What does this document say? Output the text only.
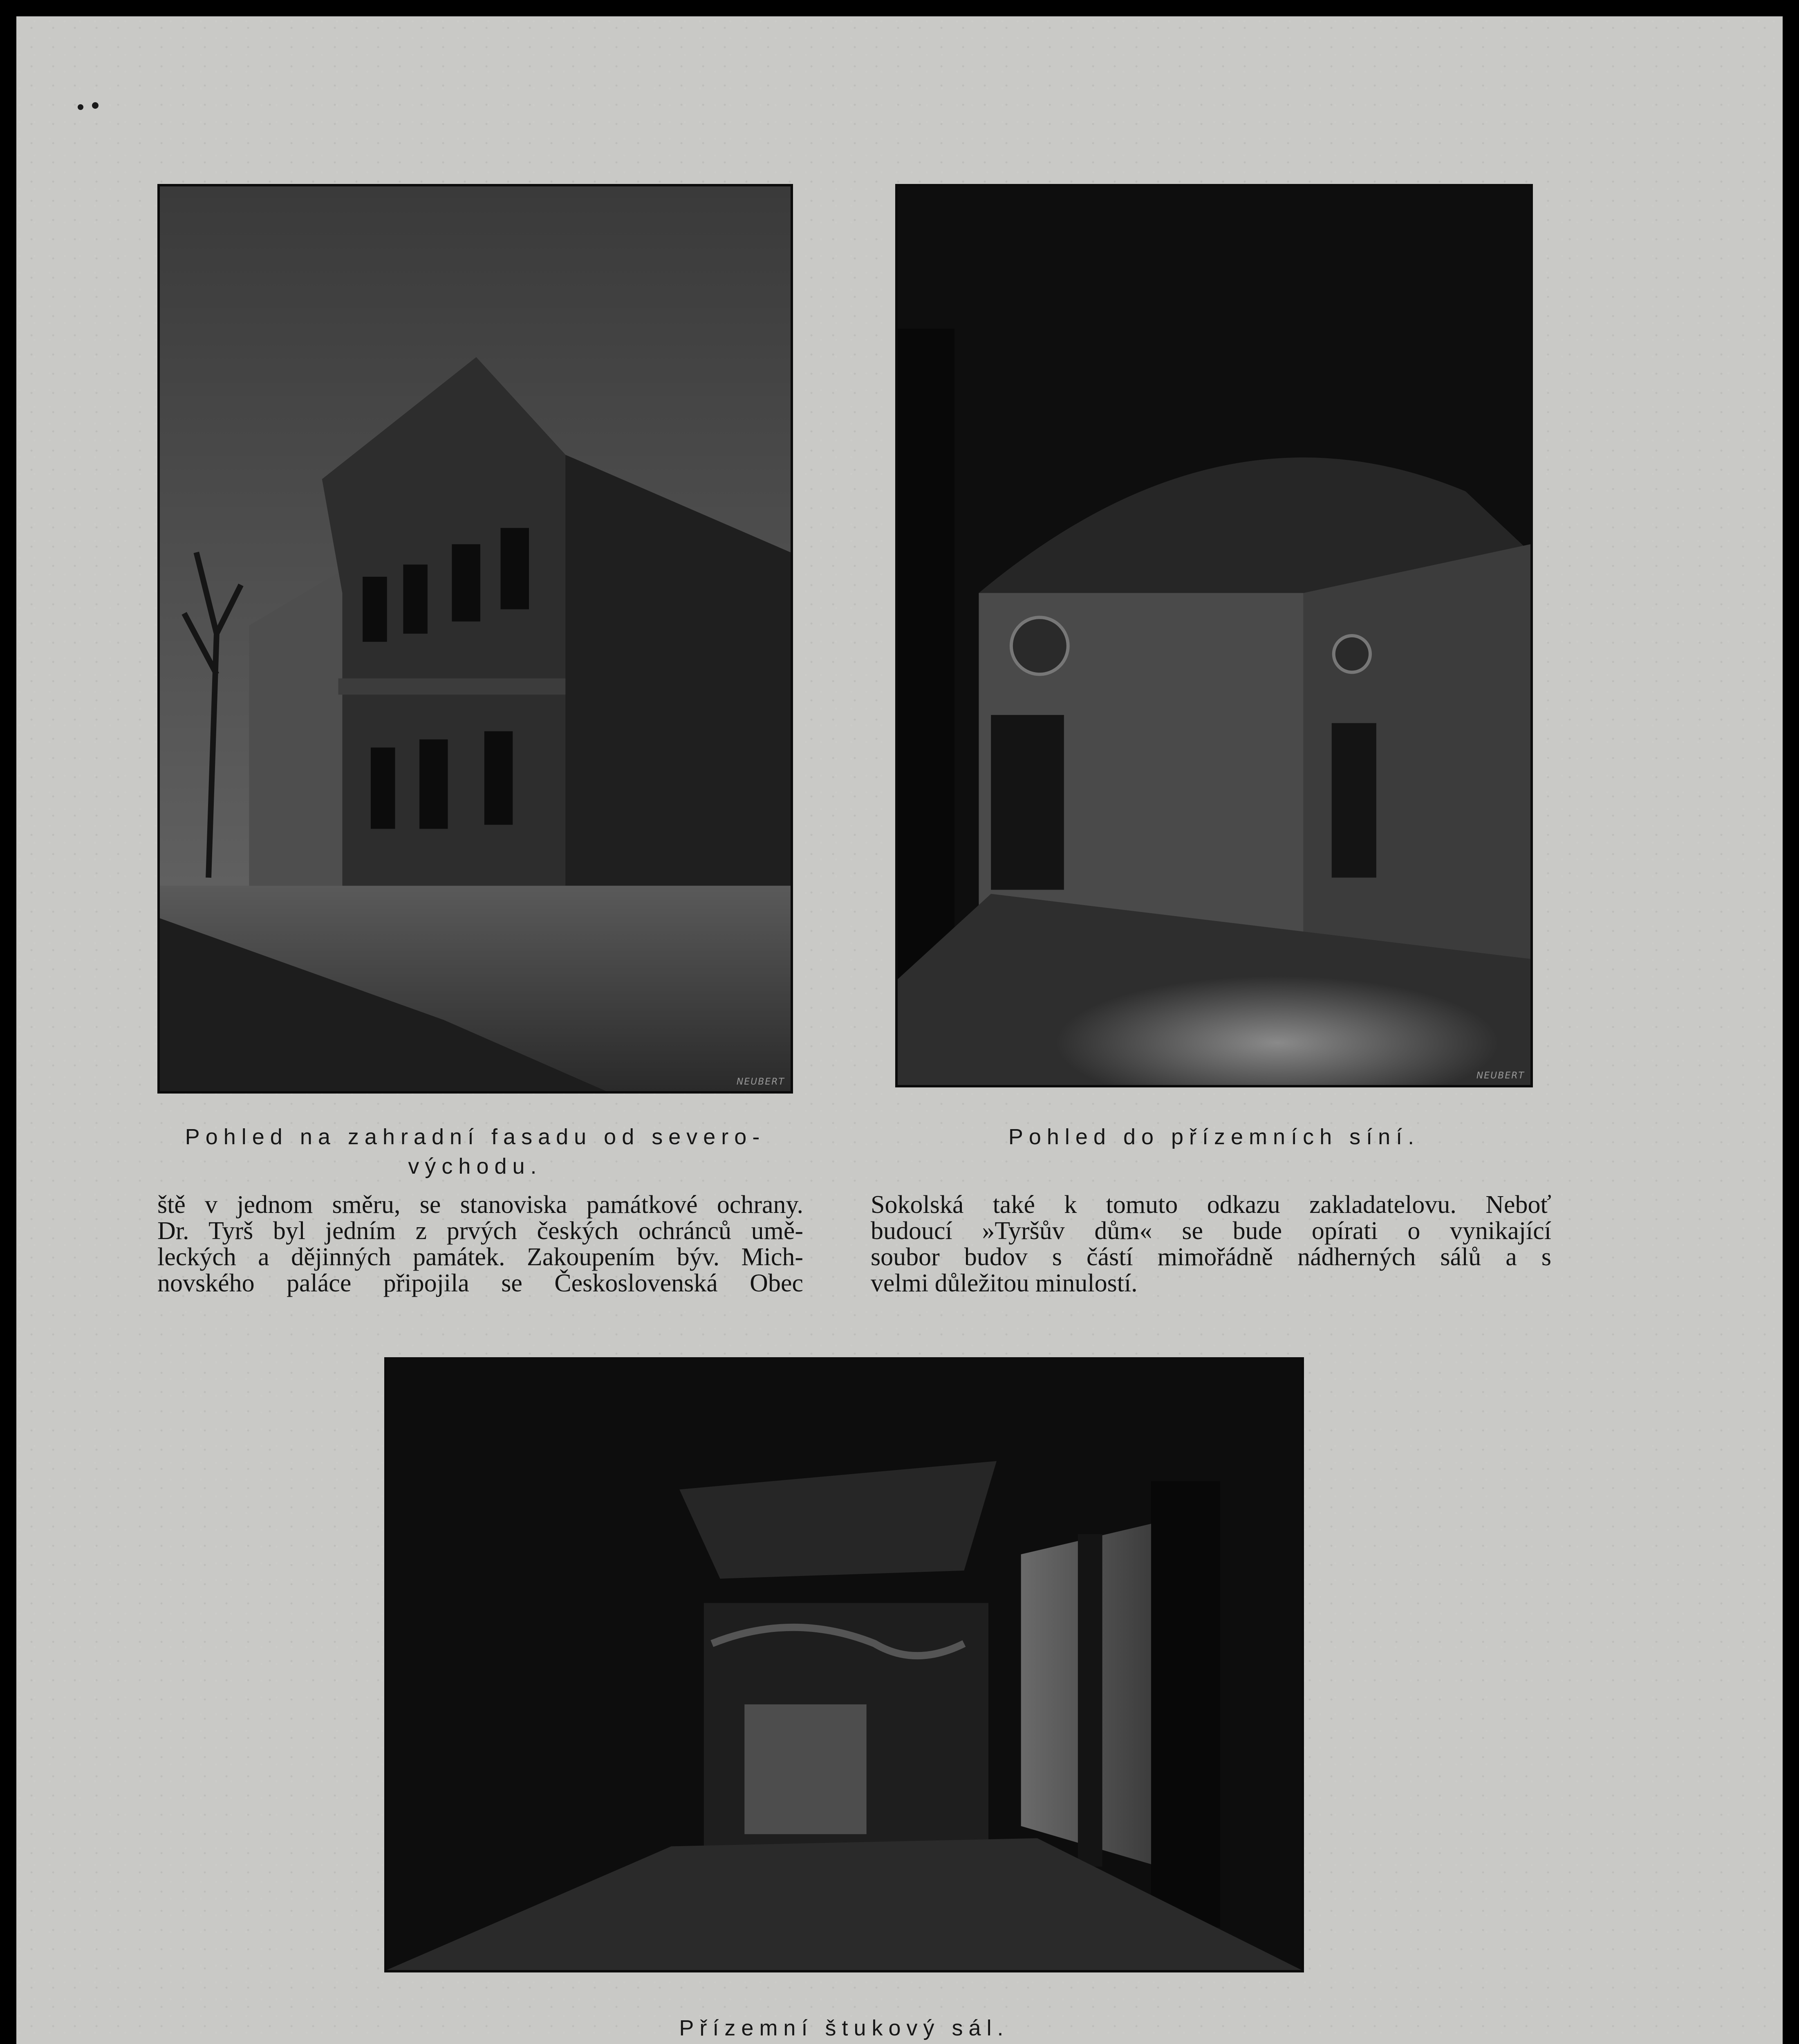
NEUBERT
Pohled na zahradní fasadu od severo-
východu.
NEUBERT
Pohled do přízemních síní.
ště v jednom směru, se stanoviska památkové ochrany.
Dr. Tyrš byl jedním z prvých českých ochránců umě-
leckých a dějinných památek. Zakoupením býv. Mich-
novského paláce připojila se Československá Obec
Sokolská také k tomuto odkazu zakladatelovu. Neboť
budoucí »Tyršův dům« se bude opírati o vynikající
soubor budov s částí mimořádně nádherných sálů a s
velmi důležitou minulostí.
Přízemní štukový sál.
